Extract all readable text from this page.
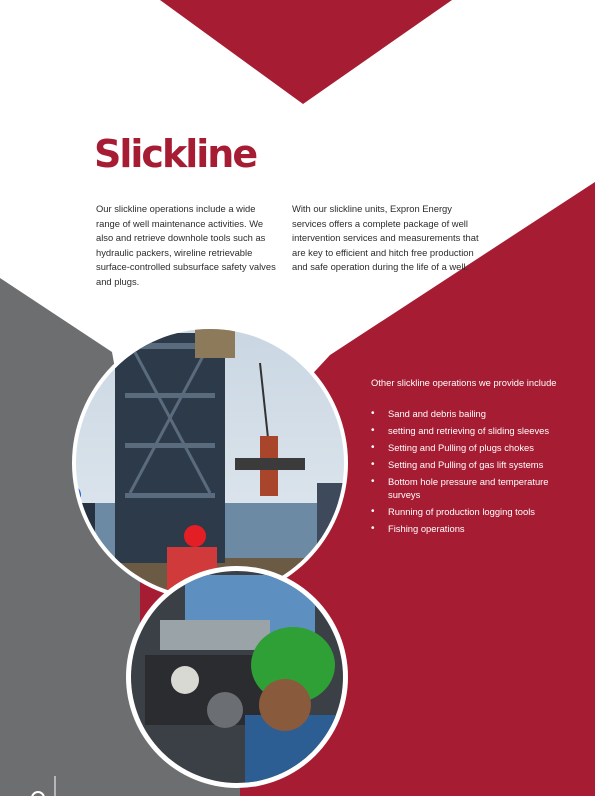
Slickline

Our slickline operations include a wide range of well maintenance activities. We also and retrieve downhole tools such as hydraulic packers, wireline retrievable surface-controlled subsurface safety valves and plugs.

With our slickline units, Expron Energy services offers a complete package of well intervention services and measurements that are key to efficient and hitch free production and safe operation during the life of a well.

Other slickline operations we provide include

• Sand and debris bailing
• setting and retrieving of sliding sleeves
• Setting and Pulling of plugs chokes
• Setting and Pulling of gas lift systems
• Bottom hole pressure and temperature surveys
• Running of production logging tools
• Fishing operations
